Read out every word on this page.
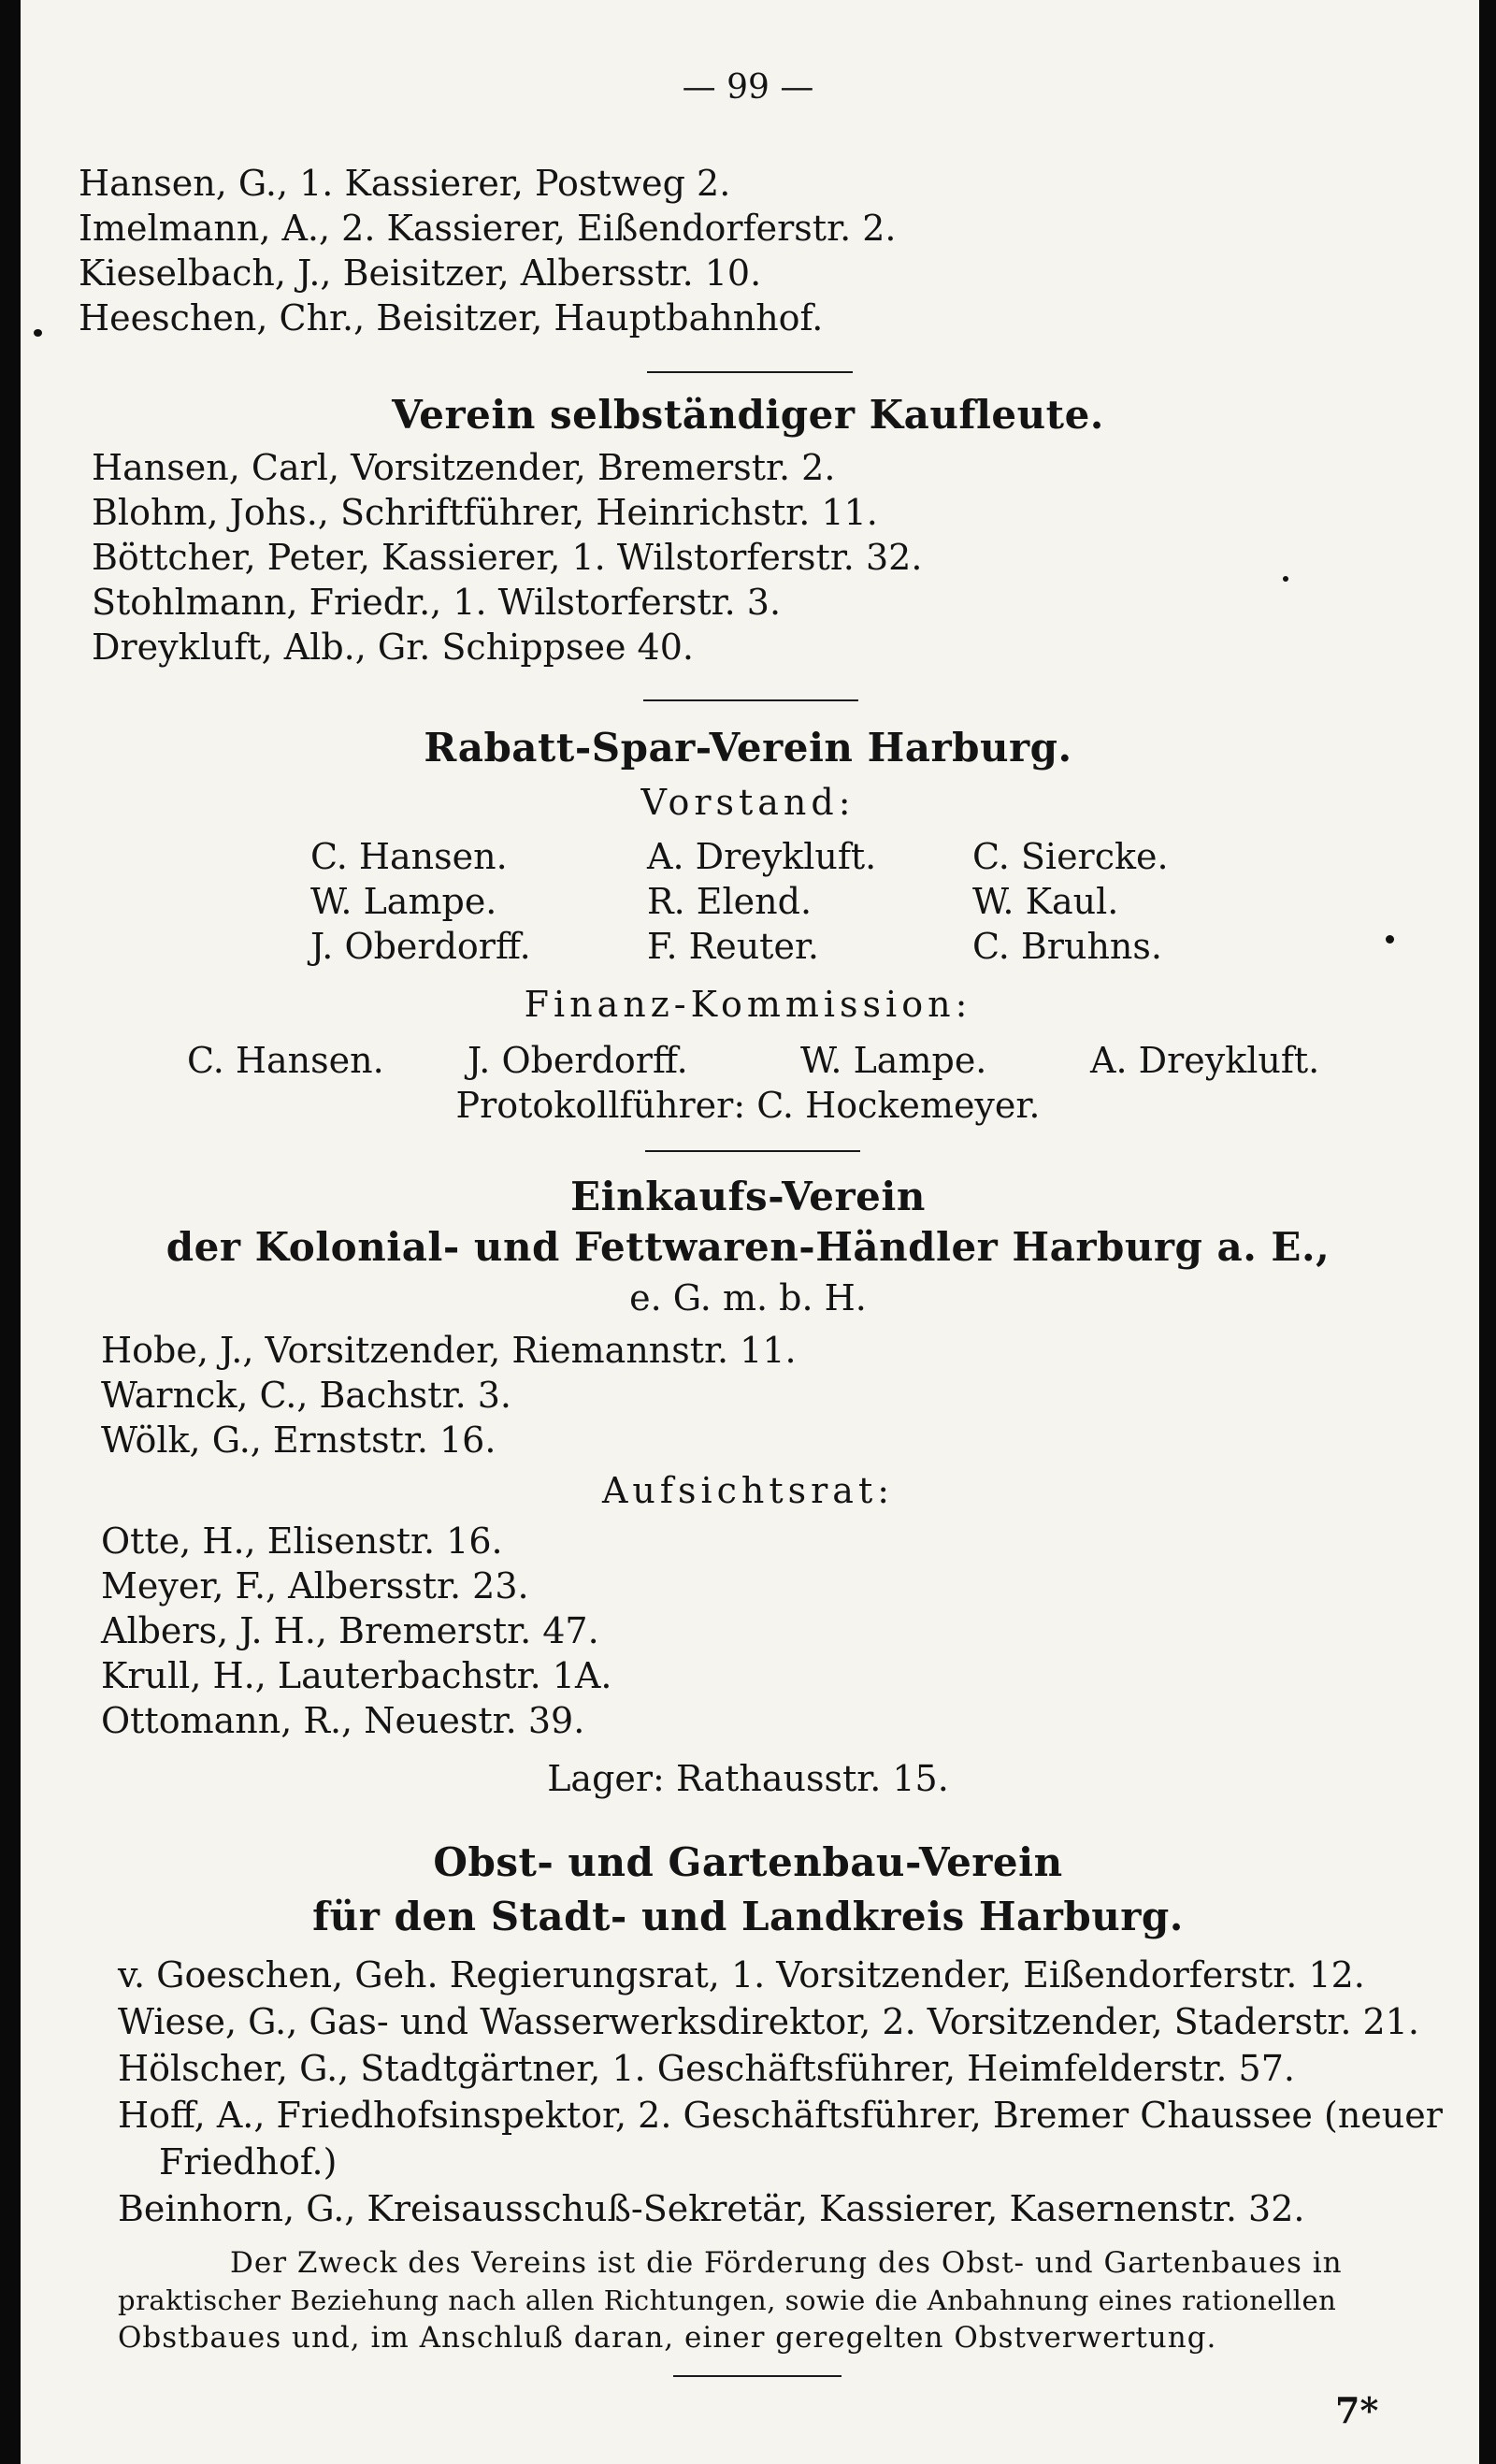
— 99 —
Hansen, G., 1. Kassierer, Postweg 2.
Imelmann, A., 2. Kassierer, Eißendorferstr. 2.
Kieselbach, J., Beisitzer, Albersstr. 10.
Heeschen, Chr., Beisitzer, Hauptbahnhof.
Verein selbständiger Kaufleute.
Hansen, Carl, Vorsitzender, Bremerstr. 2.
Blohm, Johs., Schriftführer, Heinrichstr. 11.
Böttcher, Peter, Kassierer, 1. Wilstorferstr. 32.
Stohlmann, Friedr., 1. Wilstorferstr. 3.
Dreykluft, Alb., Gr. Schippsee 40.
Rabatt-Spar-Verein Harburg.
Vorstand:
C. Hansen.	A. Dreykluft.	C. Siercke.
W. Lampe.	R. Elend.	W. Kaul.
J. Oberdorff.	F. Reuter.	C. Bruhns.
Finanz-Kommission:
C. Hansen. J. Oberdorff.	W. Lampe.	A. Dreykluft.
Protokollführer: C. Hockemeyer.
Einkaufs-Verein
der Kolonial- und Fettwaren-Händler Harburg a. E.,
e. G. m. b. H.
Hobe, J., Vorsitzender, Riemannstr. 11.
Warnck, C., Bachstr. 3.
Wölk, G., Ernststr. 16.
Aufsichtsrat:
Otte, H., Elisenstr. 16.
Meyer, F., Albersstr. 23.
Albers, J. H., Bremerstr. 47.
Krull, H., Lauterbachstr. 1A.
Ottomann, R., Neuestr. 39.
Lager: Rathausstr. 15.
Obst- und Gartenbau-Verein
für den Stadt- und Landkreis Harburg.
v. Goeschen, Geh. Regierungsrat, 1. Vorsitzender, Eißendorferstr. 12.
Wiese, G., Gas- und Wasserwerksdirektor, 2. Vorsitzender, Staderstr. 21.
Hölscher, G., Stadtgärtner, 1. Geschäftsführer, Heimfelderstr. 57.
Hoff, A., Friedhofsinspektor, 2. Geschäftsführer, Bremer Chaussee (neuer
Friedhof.)
Beinhorn, G., Kreisausschuß-Sekretär, Kassierer, Kasernenstr. 32.
Der Zweck des Vereins ist die Förderung des Obst- und Gartenbaues in
praktischer Beziehung nach allen Richtungen, sowie die Anbahnung eines rationellen
Obstbaues und, im Anschluß daran, einer geregelten Obstverwertung.
7*
